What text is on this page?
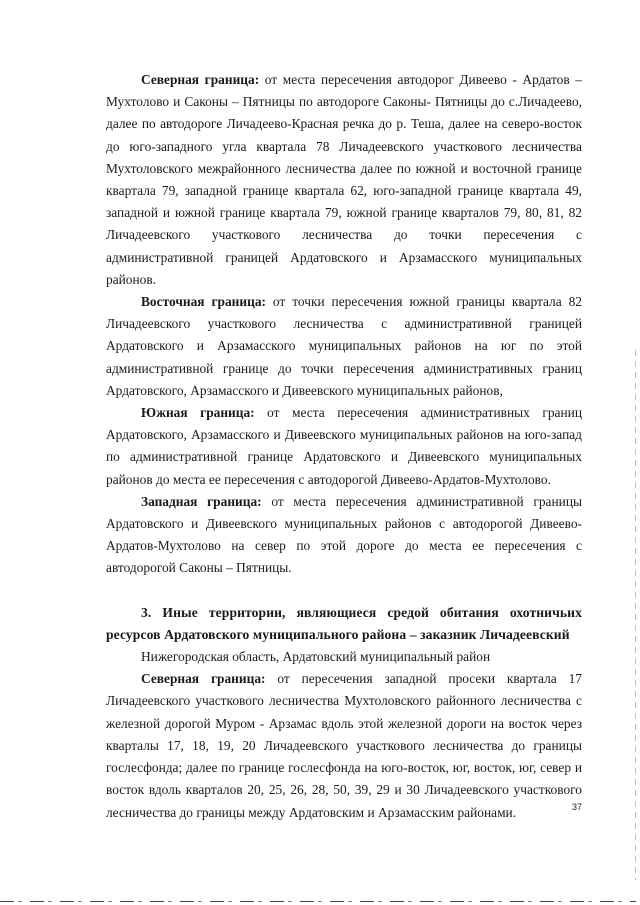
Северная граница: от места пересечения автодорог Дивеево - Ардатов – Мухтолово и Саконы – Пятницы по автодороге Саконы- Пятницы до с.Личадеево, далее по автодороге Личадеево-Красная речка до р. Теша, далее на северо-восток до юго-западного угла квартала 78 Личадеевского участкового лесничества Мухтоловского межрайонного лесничества далее по южной и восточной границе квартала 79, западной границе квартала 62, юго-западной границе квартала 49, западной и южной границе квартала 79, южной границе кварталов 79, 80, 81, 82 Личадеевского участкового лесничества до точки пересечения с административной границей Ардатовского и Арзамасского муниципальных районов.

Восточная граница: от точки пересечения южной границы квартала 82 Личадеевского участкового лесничества с административной границей Ардатовского и Арзамасского муниципальных районов на юг по этой административной границе до точки пересечения административных границ Ардатовского, Арзамасского и Дивеевского муниципальных районов,

Южная граница: от места пересечения административных границ Ардатовского, Арзамасского и Дивеевского муниципальных районов на юго-запад по административной границе Ардатовского и Дивеевского муниципальных районов до места ее пересечения с автодорогой Дивеево-Ардатов-Мухтолово.

Западная граница: от места пересечения административной границы Ардатовского и Дивеевского муниципальных районов с автодорогой Дивеево-Ардатов-Мухтолово на север по этой дороге до места ее пересечения с автодорогой Саконы – Пятницы.

3. Иные территории, являющиеся средой обитания охотничьих ресурсов Ардатовского муниципального района – заказник Личадеевский

Нижегородская область, Ардатовский муниципальный район

Северная граница: от пересечения западной просеки квартала 17 Личадеевского участкового лесничества Мухтоловского районного лесничества с железной дорогой Муром - Арзамас вдоль этой железной дороги на восток через кварталы 17, 18, 19, 20 Личадеевского участкового лесничества до границы гослесфонда; далее по границе гослесфонда на юго-восток, юг, восток, юг, север и восток вдоль кварталов 20, 25, 26, 28, 50, 39, 29 и 30 Личадеевского участкового лесничества до границы между Ардатовским и Арзамасским районами.	37
